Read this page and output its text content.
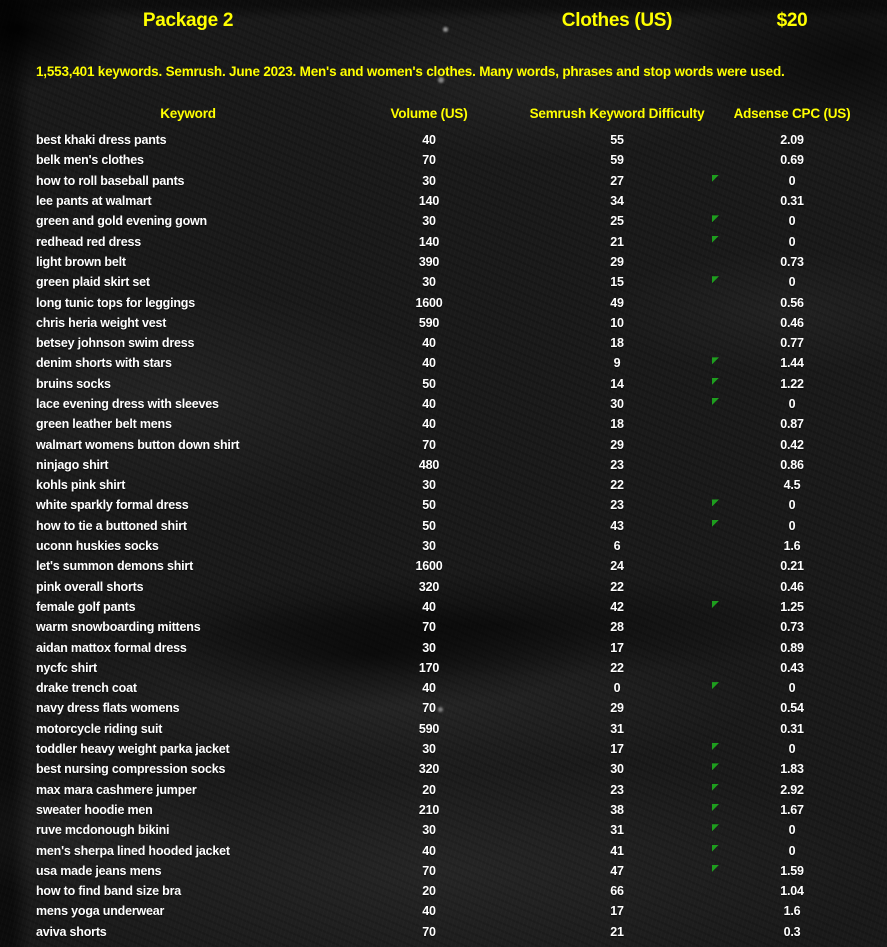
Package 2	Clothes (US)	$20
1,553,401 keywords. Semrush. June 2023. Men's and women's clothes. Many words, phrases and stop words were used.
Keyword	Volume (US)	Semrush Keyword Difficulty	Adsense CPC (US)
best khaki dress pants	40	55	2.09
belk men's clothes	70	59	0.69
how to roll baseball pants	30	27	0
lee pants at walmart	140	34	0.31
green and gold evening gown	30	25	0
redhead red dress	140	21	0
light brown belt	390	29	0.73
green plaid skirt set	30	15	0
long tunic tops for leggings	1600	49	0.56
chris heria weight vest	590	10	0.46
betsey johnson swim dress	40	18	0.77
denim shorts with stars	40	9	1.44
bruins socks	50	14	1.22
lace evening dress with sleeves	40	30	0
green leather belt mens	40	18	0.87
walmart womens button down shirt	70	29	0.42
ninjago shirt	480	23	0.86
kohls pink shirt	30	22	4.5
white sparkly formal dress	50	23	0
how to tie a buttoned shirt	50	43	0
uconn huskies socks	30	6	1.6
let's summon demons shirt	1600	24	0.21
pink overall shorts	320	22	0.46
female golf pants	40	42	1.25
warm snowboarding mittens	70	28	0.73
aidan mattox formal dress	30	17	0.89
nycfc shirt	170	22	0.43
drake trench coat	40	0	0
navy dress flats womens	70	29	0.54
motorcycle riding suit	590	31	0.31
toddler heavy weight parka jacket	30	17	0
best nursing compression socks	320	30	1.83
max mara cashmere jumper	20	23	2.92
sweater hoodie men	210	38	1.67
ruve mcdonough bikini	30	31	0
men's sherpa lined hooded jacket	40	41	0
usa made jeans mens	70	47	1.59
how to find band size bra	20	66	1.04
mens yoga underwear	40	17	1.6
aviva shorts	70	21	0.3
